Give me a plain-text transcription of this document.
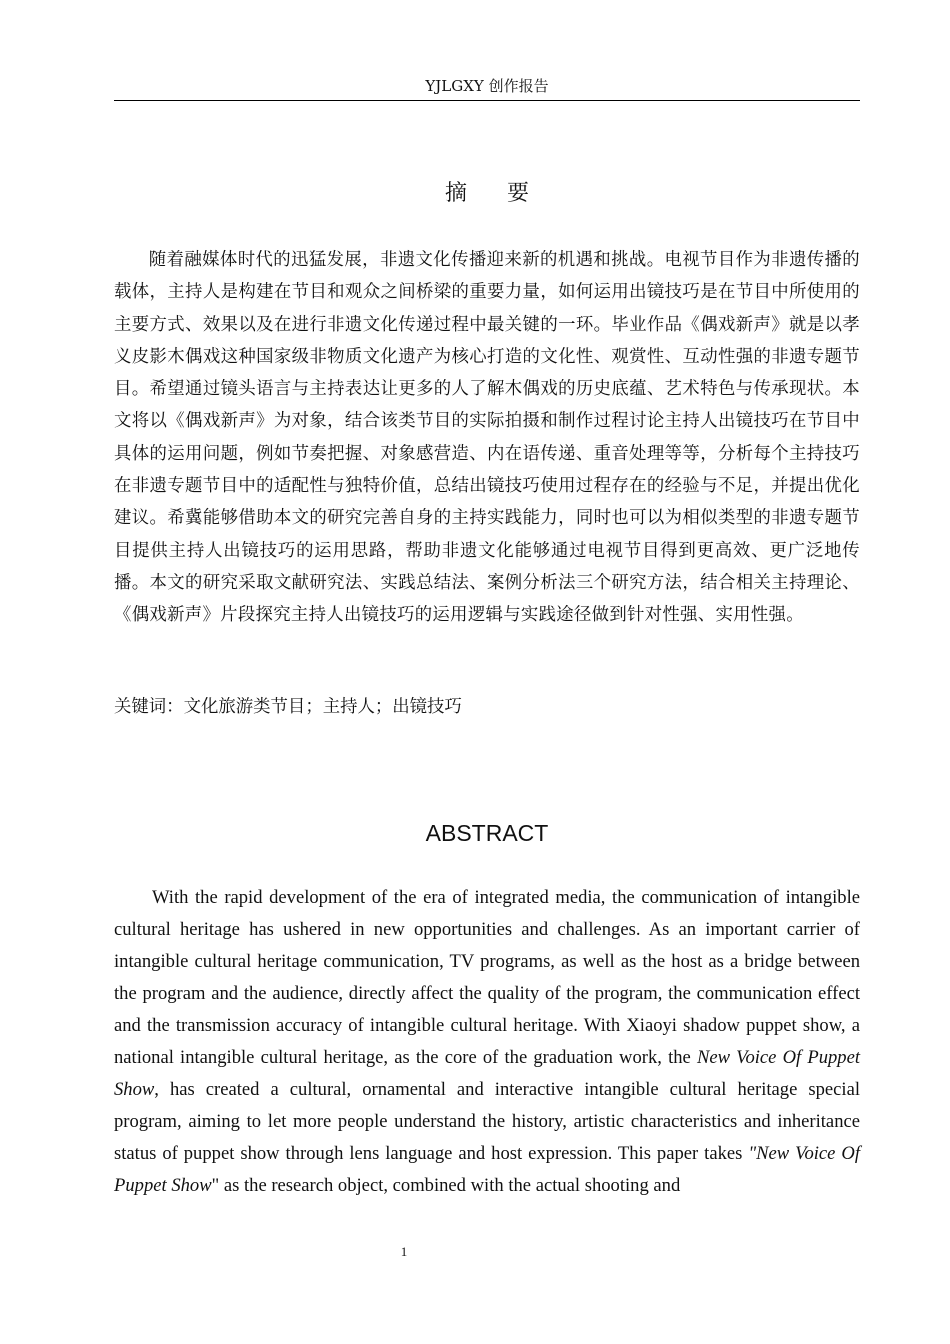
YJLGXY 创作报告
摘 要

随着融媒体时代的迅猛发展，非遗文化传播迎来新的机遇和挑战。电视节目作为非遗传播的载体，主持人是构建在节目和观众之间桥梁的重要力量，如何运用出镜技巧是在节目中所使用的主要方式、效果以及在进行非遗文化传递过程中最关键的一环。毕业作品《偶戏新声》就是以孝义皮影木偶戏这种国家级非物质文化遗产为核心打造的文化性、观赏性、互动性强的非遗专题节目。希望通过镜头语言与主持表达让更多的人了解木偶戏的历史底蕴、艺术特色与传承现状。本文将以《偶戏新声》为对象，结合该类节目的实际拍摄和制作过程讨论主持人出镜技巧在节目中具体的运用问题，例如节奏把握、对象感营造、内在语传递、重音处理等等，分析每个主持技巧在非遗专题节目中的适配性与独特价值，总结出镜技巧使用过程存在的经验与不足，并提出优化建议。希冀能够借助本文的研究完善自身的主持实践能力，同时也可以为相似类型的非遗专题节目提供主持人出镜技巧的运用思路，帮助非遗文化能够通过电视节目得到更高效、更广泛地传播。本文的研究采取文献研究法、实践总结法、案例分析法三个研究方法，结合相关主持理论、《偶戏新声》片段探究主持人出镜技巧的运用逻辑与实践途径做到针对性强、实用性强。

关键词：文化旅游类节目；主持人；出镜技巧

ABSTRACT

With the rapid development of the era of integrated media, the communication of intangible cultural heritage has ushered in new opportunities and challenges. As an important carrier of intangible cultural heritage communication, TV programs, as well as the host as a bridge between the program and the audience, directly affect the quality of the program, the communication effect and the transmission accuracy of intangible cultural heritage. With Xiaoyi shadow puppet show, a national intangible cultural heritage, as the core of the graduation work, the New Voice Of Puppet Show, has created a cultural, ornamental and interactive intangible cultural heritage special program, aiming to let more people understand the history, artistic characteristics and inheritance status of puppet show through lens language and host expression. This paper takes "New Voice Of Puppet Show" as the research object, combined with the actual shooting and

1
